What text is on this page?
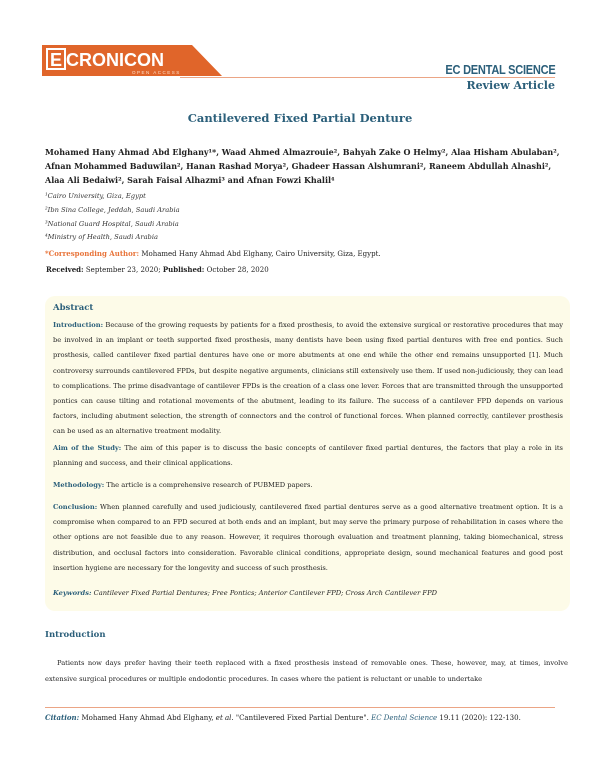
E CRONICON
OPEN ACCESS	EC DENTAL SCIENCE
Review Article
Cantilevered Fixed Partial Denture
Mohamed Hany Ahmad Abd Elghany¹*, Waad Ahmed Almazrouie², Bahyah Zake O Helmy², Alaa Hisham Abulaban², Afnan Mohammed Baduwilan², Hanan Rashad Morya², Ghadeer Hassan Alshumrani², Raneem Abdullah Alnashi², Alaa Ali Bedaiwi², Sarah Faisal Alhazmi³ and Afnan Fowzi Khalil⁴
¹Cairo University, Giza, Egypt
²Ibn Sina College, Jeddah, Saudi Arabia
³National Guard Hospital, Saudi Arabia
⁴Ministry of Health, Saudi Arabia
*Corresponding Author: Mohamed Hany Ahmad Abd Elghany, Cairo University, Giza, Egypt.
Received: September 23, 2020; Published: October 28, 2020
Abstract
Introduction: Because of the growing requests by patients for a fixed prosthesis, to avoid the extensive surgical or restorative procedures that may be involved in an implant or teeth supported fixed prosthesis, many dentists have been using fixed partial dentures with free end pontics. Such prosthesis, called cantilever fixed partial dentures have one or more abutments at one end while the other end remains unsupported [1]. Much controversy surrounds cantilevered FPDs, but despite negative arguments, clinicians still extensively use them. If used non-judiciously, they can lead to complications. The prime disadvantage of cantilever FPDs is the creation of a class one lever. Forces that are transmitted through the unsupported pontics can cause tilting and rotational movements of the abutment, leading to its failure. The success of a cantilever FPD depends on various factors, including abutment selection, the strength of connectors and the control of functional forces. When planned correctly, cantilever prosthesis can be used as an alternative treatment modality.
Aim of the Study: The aim of this paper is to discuss the basic concepts of cantilever fixed partial dentures, the factors that play a role in its planning and success, and their clinical applications.
Methodology: The article is a comprehensive research of PUBMED papers.
Conclusion: When planned carefully and used judiciously, cantilevered fixed partial dentures serve as a good alternative treatment option. It is a compromise when compared to an FPD secured at both ends and an implant, but may serve the primary purpose of rehabilitation in cases where the other options are not feasible due to any reason. However, it requires thorough evaluation and treatment planning, taking biomechanical, stress distribution, and occlusal factors into consideration. Favorable clinical conditions, appropriate design, sound mechanical features and good post insertion hygiene are necessary for the longevity and success of such prosthesis.
Keywords: Cantilever Fixed Partial Dentures; Free Pontics; Anterior Cantilever FPD; Cross Arch Cantilever FPD
Introduction
Patients now days prefer having their teeth replaced with a fixed prosthesis instead of removable ones. These, however, may, at times, involve extensive surgical procedures or multiple endodontic procedures. In cases where the patient is reluctant or unable to undertake
Citation: Mohamed Hany Ahmad Abd Elghany, et al. "Cantilevered Fixed Partial Denture". EC Dental Science 19.11 (2020): 122-130.
